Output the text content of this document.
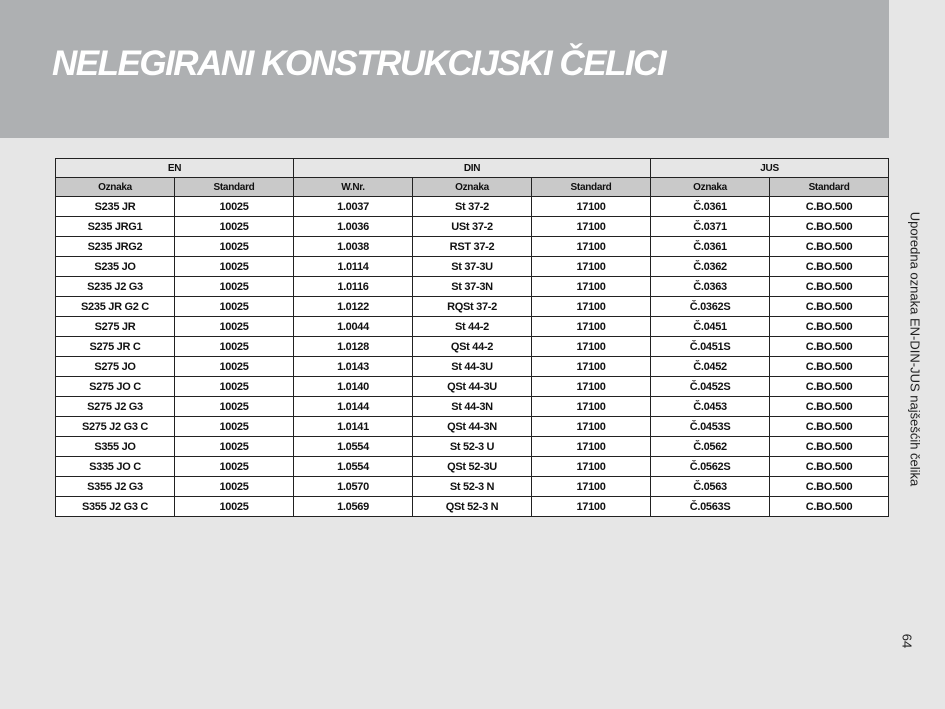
NELEGIRANI KONSTRUKCIJSKI ČELICI
EN		DIN			JUS	
Oznaka	Standard	W.Nr.	Oznaka	Standard	Oznaka	Standard
S235 JR	10025	1.0037	St 37-2	17100	Č.0361	C.BO.500
S235 JRG1	10025	1.0036	USt 37-2	17100	Č.0371	C.BO.500
S235 JRG2	10025	1.0038	RST 37-2	17100	Č.0361	C.BO.500
S235 JO	10025	1.0114	St 37-3U	17100	Č.0362	C.BO.500
S235 J2 G3	10025	1.0116	St 37-3N	17100	Č.0363	C.BO.500
S235 JR G2 C	10025	1.0122	RQSt 37-2	17100	Č.0362S	C.BO.500
S275 JR	10025	1.0044	St 44-2	17100	Č.0451	C.BO.500
S275 JR C	10025	1.0128	QSt 44-2	17100	Č.0451S	C.BO.500
S275 JO	10025	1.0143	St 44-3U	17100	Č.0452	C.BO.500
S275 JO C	10025	1.0140	QSt 44-3U	17100	Č.0452S	C.BO.500
S275 J2 G3	10025	1.0144	St 44-3N	17100	Č.0453	C.BO.500
S275 J2 G3 C	10025	1.0141	QSt 44-3N	17100	Č.0453S	C.BO.500
S355 JO	10025	1.0554	St 52-3 U	17100	Č.0562	C.BO.500
S335 JO C	10025	1.0554	QSt 52-3U	17100	Č.0562S	C.BO.500
S355 J2 G3	10025	1.0570	St 52-3 N	17100	Č.0563	C.BO.500
S355 J2 G3 C	10025	1.0569	QSt 52-3 N	17100	Č.0563S	C.BO.500
Uporedna oznaka EN-DIN-JUS najšešćih čelika
64
